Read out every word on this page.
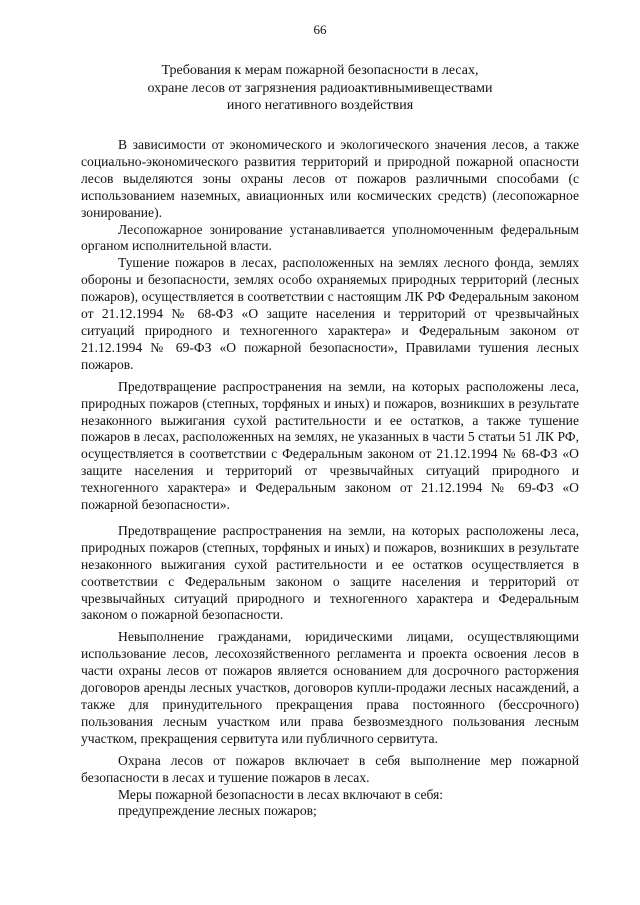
66
Требования к мерам пожарной безопасности в лесах,
охране лесов от загрязнения радиоактивнымивеществами
иного негативного воздействия

В зависимости от экономического и экологического значения лесов, а также социально-экономического развития территорий и природной пожарной опасности лесов выделяются зоны охраны лесов от пожаров различными способами (с использованием наземных, авиационных или космических средств) (лесопожарное зонирование).

Лесопожарное зонирование устанавливается уполномоченным федеральным органом исполнительной власти.

Тушение пожаров в лесах, расположенных на землях лесного фонда, землях обороны и безопасности, землях особо охраняемых природных территорий (лесных пожаров), осуществляется в соответствии с настоящим ЛК РФ Федеральным законом от 21.12.1994 № 68-ФЗ «О защите населения и территорий от чрезвычайных ситуаций природного и техногенного характера» и Федеральным законом от 21.12.1994 № 69-ФЗ «О пожарной безопасности», Правилами тушения лесных пожаров.

Предотвращение распространения на земли, на которых расположены леса, природных пожаров (степных, торфяных и иных) и пожаров, возникших в результате незаконного выжигания сухой растительности и ее остатков, а также тушение пожаров в лесах, расположенных на землях, не указанных в части 5 статьи 51 ЛК РФ, осуществляется в соответствии с Федеральным законом от 21.12.1994 № 68-ФЗ «О защите населения и территорий от чрезвычайных ситуаций природного и техногенного характера» и Федеральным законом от 21.12.1994 № 69-ФЗ «О пожарной безопасности».

Предотвращение распространения на земли, на которых расположены леса, природных пожаров (степных, торфяных и иных) и пожаров, возникших в результате незаконного выжигания сухой растительности и ее остатков осуществляется в соответствии с Федеральным законом о защите населения и территорий от чрезвычайных ситуаций природного и техногенного характера и Федеральным законом о пожарной безопасности.

Невыполнение гражданами, юридическими лицами, осуществляющими использование лесов, лесохозяйственного регламента и проекта освоения лесов в части охраны лесов от пожаров является основанием для досрочного расторжения договоров аренды лесных участков, договоров купли-продажи лесных насаждений, а также для принудительного прекращения права постоянного (бессрочного) пользования лесным участком или права безвозмездного пользования лесным участком, прекращения сервитута или публичного сервитута.

Охрана лесов от пожаров включает в себя выполнение мер пожарной безопасности в лесах и тушение пожаров в лесах.

Меры пожарной безопасности в лесах включают в себя:

предупреждение лесных пожаров;
